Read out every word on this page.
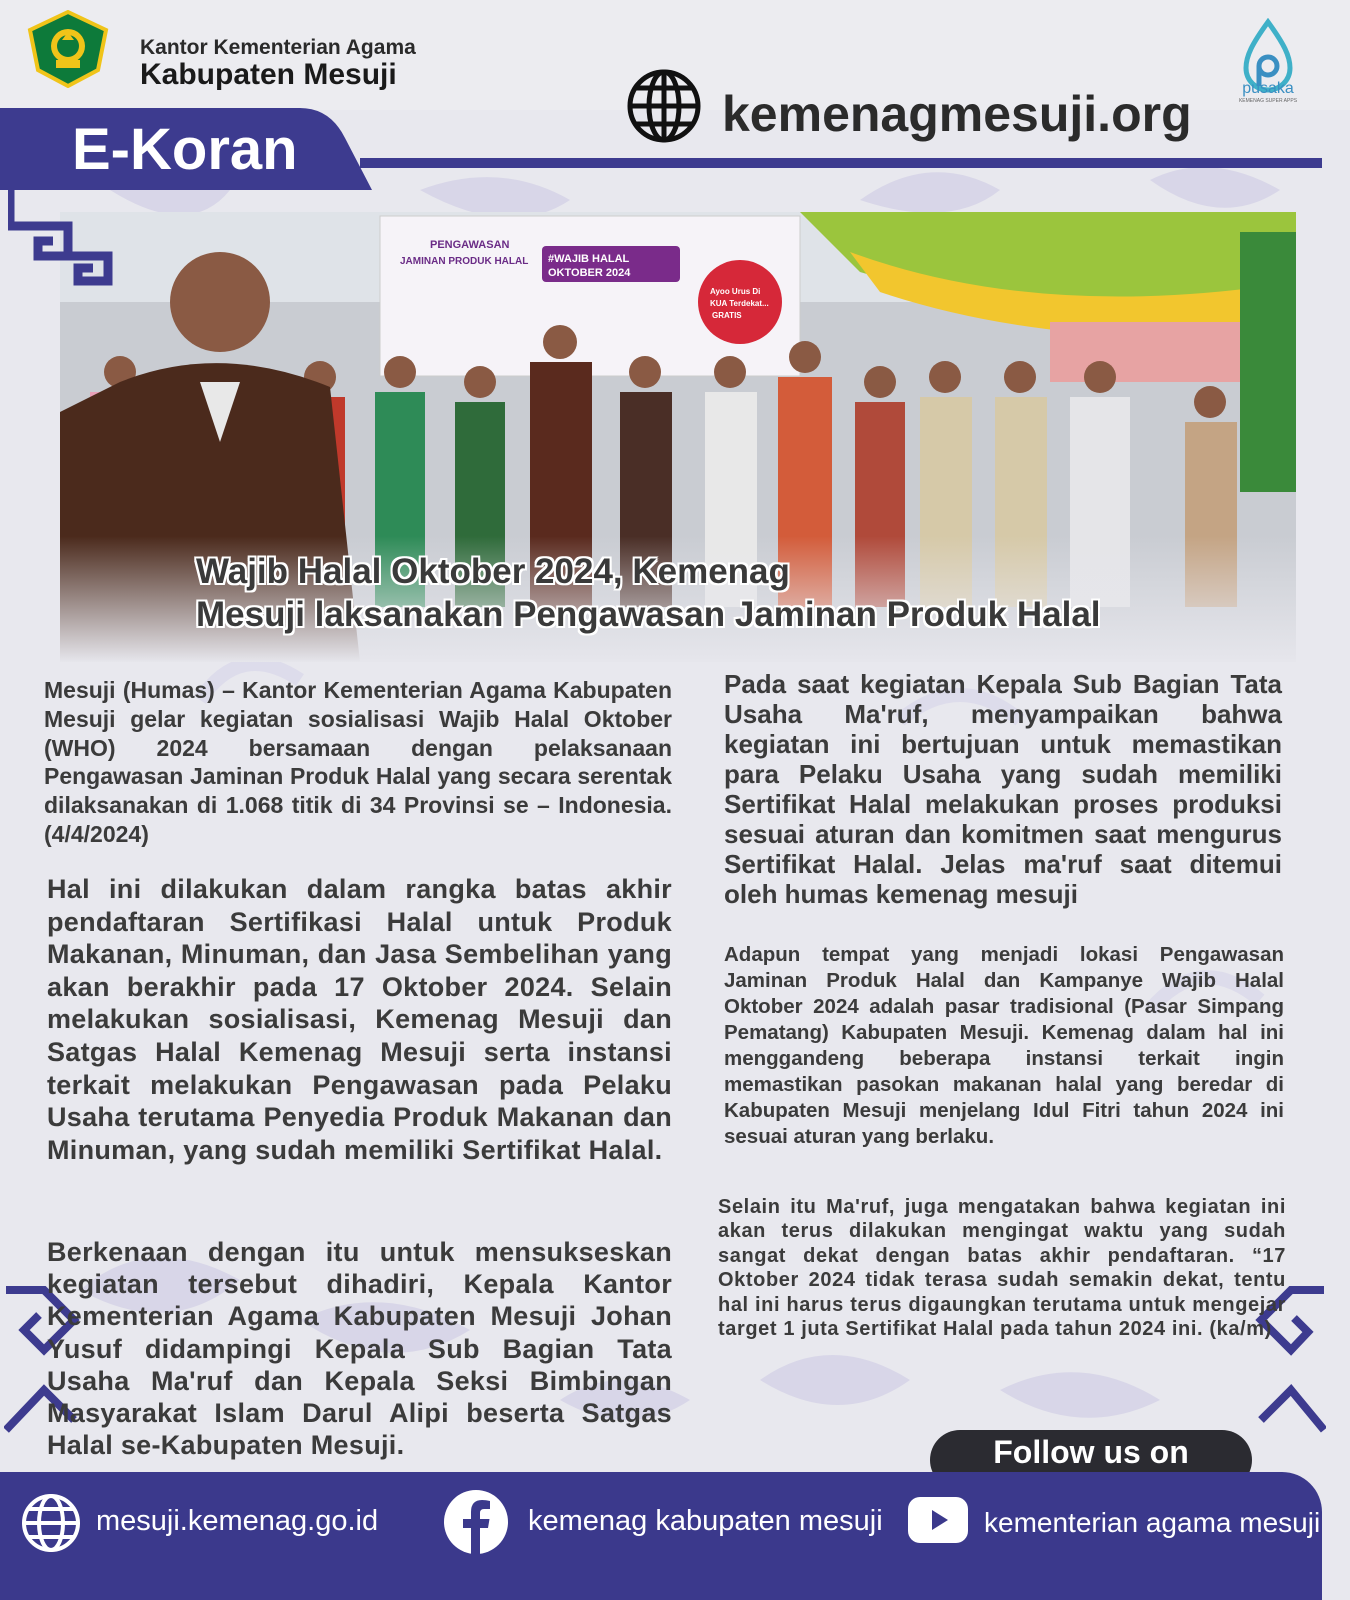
Kantor Kementerian Agama
Kabupaten Mesuji
E-Koran
kemenagmesuji.org	pusaka
KEMENAG SUPER APPS
Wajib Halal Oktober 2024, Kemenag
Mesuji laksanakan Pengawasan Jaminan Produk Halal

Mesuji (Humas) – Kantor Kementerian Agama Kabupaten Mesuji gelar kegiatan sosialisasi Wajib Halal Oktober (WHO) 2024 bersamaan dengan pelaksanaan Pengawasan Jaminan Produk Halal yang secara serentak dilaksanakan di 1.068 titik di 34 Provinsi se – Indonesia.(4/4/2024)

Hal ini dilakukan dalam rangka batas akhir pendaftaran Sertifikasi Halal untuk Produk Makanan, Minuman, dan Jasa Sembelihan yang akan berakhir pada 17 Oktober 2024. Selain melakukan sosialisasi, Kemenag Mesuji dan Satgas Halal Kemenag Mesuji serta instansi terkait melakukan Pengawasan pada Pelaku Usaha terutama Penyedia Produk Makanan dan Minuman, yang sudah memiliki Sertifikat Halal.

Berkenaan dengan itu untuk mensukseskan kegiatan tersebut dihadiri, Kepala Kantor Kementerian Agama Kabupaten Mesuji Johan Yusuf didampingi Kepala Sub Bagian Tata Usaha Ma'ruf dan Kepala Seksi Bimbingan Masyarakat Islam Darul Alipi beserta Satgas Halal se-Kabupaten Mesuji.

Pada saat kegiatan Kepala Sub Bagian Tata Usaha Ma'ruf, menyampaikan bahwa kegiatan ini bertujuan untuk memastikan para Pelaku Usaha yang sudah memiliki Sertifikat Halal melakukan proses produksi sesuai aturan dan komitmen saat mengurus Sertifikat Halal. Jelas ma'ruf saat ditemui oleh humas kemenag mesuji

Adapun tempat yang menjadi lokasi Pengawasan Jaminan Produk Halal dan Kampanye Wajib Halal Oktober 2024 adalah pasar tradisional (Pasar Simpang Pematang) Kabupaten Mesuji. Kemenag dalam hal ini menggandeng beberapa instansi terkait ingin memastikan pasokan makanan halal yang beredar di Kabupaten Mesuji menjelang Idul Fitri tahun 2024 ini sesuai aturan yang berlaku.

Selain itu Ma'ruf, juga mengatakan bahwa kegiatan ini akan terus dilakukan mengingat waktu yang sudah sangat dekat dengan batas akhir pendaftaran. “17 Oktober 2024 tidak terasa sudah semakin dekat, tentu hal ini harus terus digaungkan terutama untuk mengejar target 1 juta Sertifikat Halal pada tahun 2024 ini. (ka/m)

Follow us on
mesuji.kemenag.go.id	kemenag kabupaten mesuji	kementerian agama mesuji
